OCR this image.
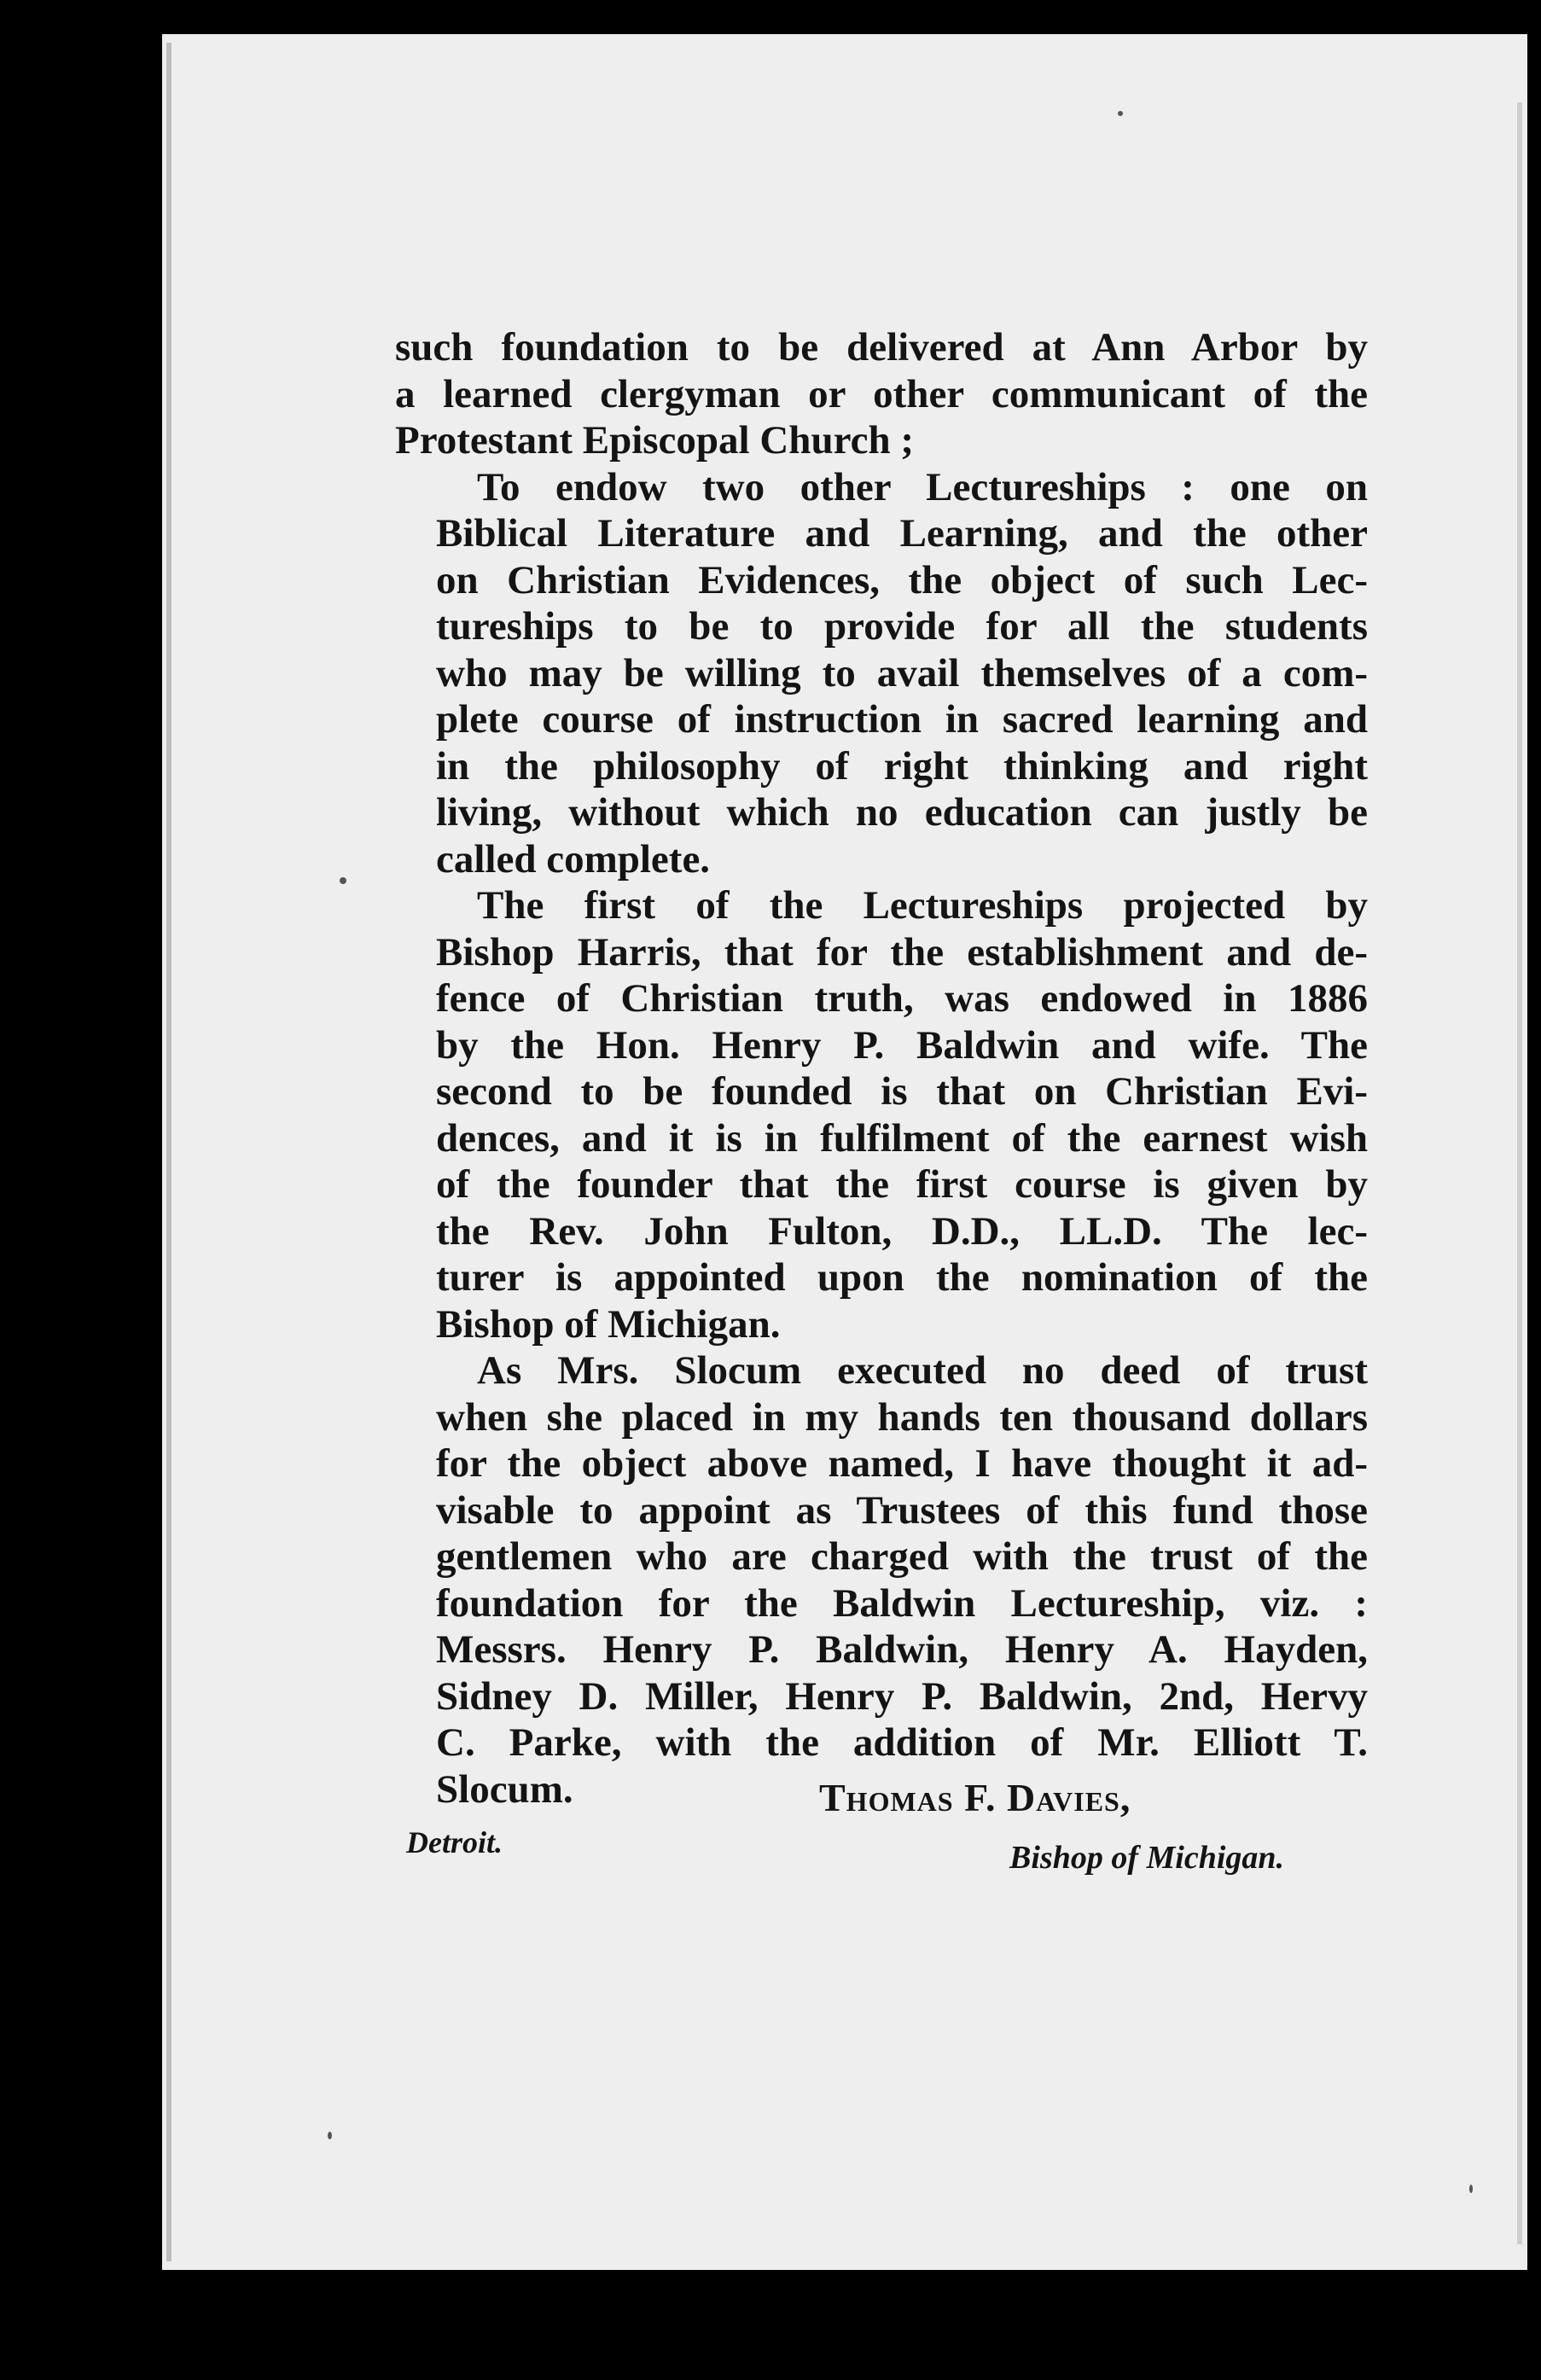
such foundation to be delivered at Ann Arbor by
a learned clergyman or other communicant of the
Protestant Episcopal Church ;

To endow two other Lectureships : one on
Biblical Literature and Learning, and the other
on Christian Evidences, the object of such Lec-
tureships to be to provide for all the students
who may be willing to avail themselves of a com-
plete course of instruction in sacred learning and
in the philosophy of right thinking and right
living, without which no education can justly be
called complete.

The first of the Lectureships projected by
Bishop Harris, that for the establishment and de-
fence of Christian truth, was endowed in 1886
by the Hon. Henry P. Baldwin and wife. The
second to be founded is that on Christian Evi-
dences, and it is in fulfilment of the earnest wish
of the founder that the first course is given by
the Rev. John Fulton, D.D., LL.D. The lec-
turer is appointed upon the nomination of the
Bishop of Michigan.

As Mrs. Slocum executed no deed of trust
when she placed in my hands ten thousand dollars
for the object above named, I have thought it ad-
visable to appoint as Trustees of this fund those
gentlemen who are charged with the trust of the
foundation for the Baldwin Lectureship, viz. :
Messrs. Henry P. Baldwin, Henry A. Hayden,
Sidney D. Miller, Henry P. Baldwin, 2nd, Hervy
C. Parke, with the addition of Mr. Elliott T.
Slocum.	Thomas F. Davies,
Detroit.	Bishop of Michigan.
